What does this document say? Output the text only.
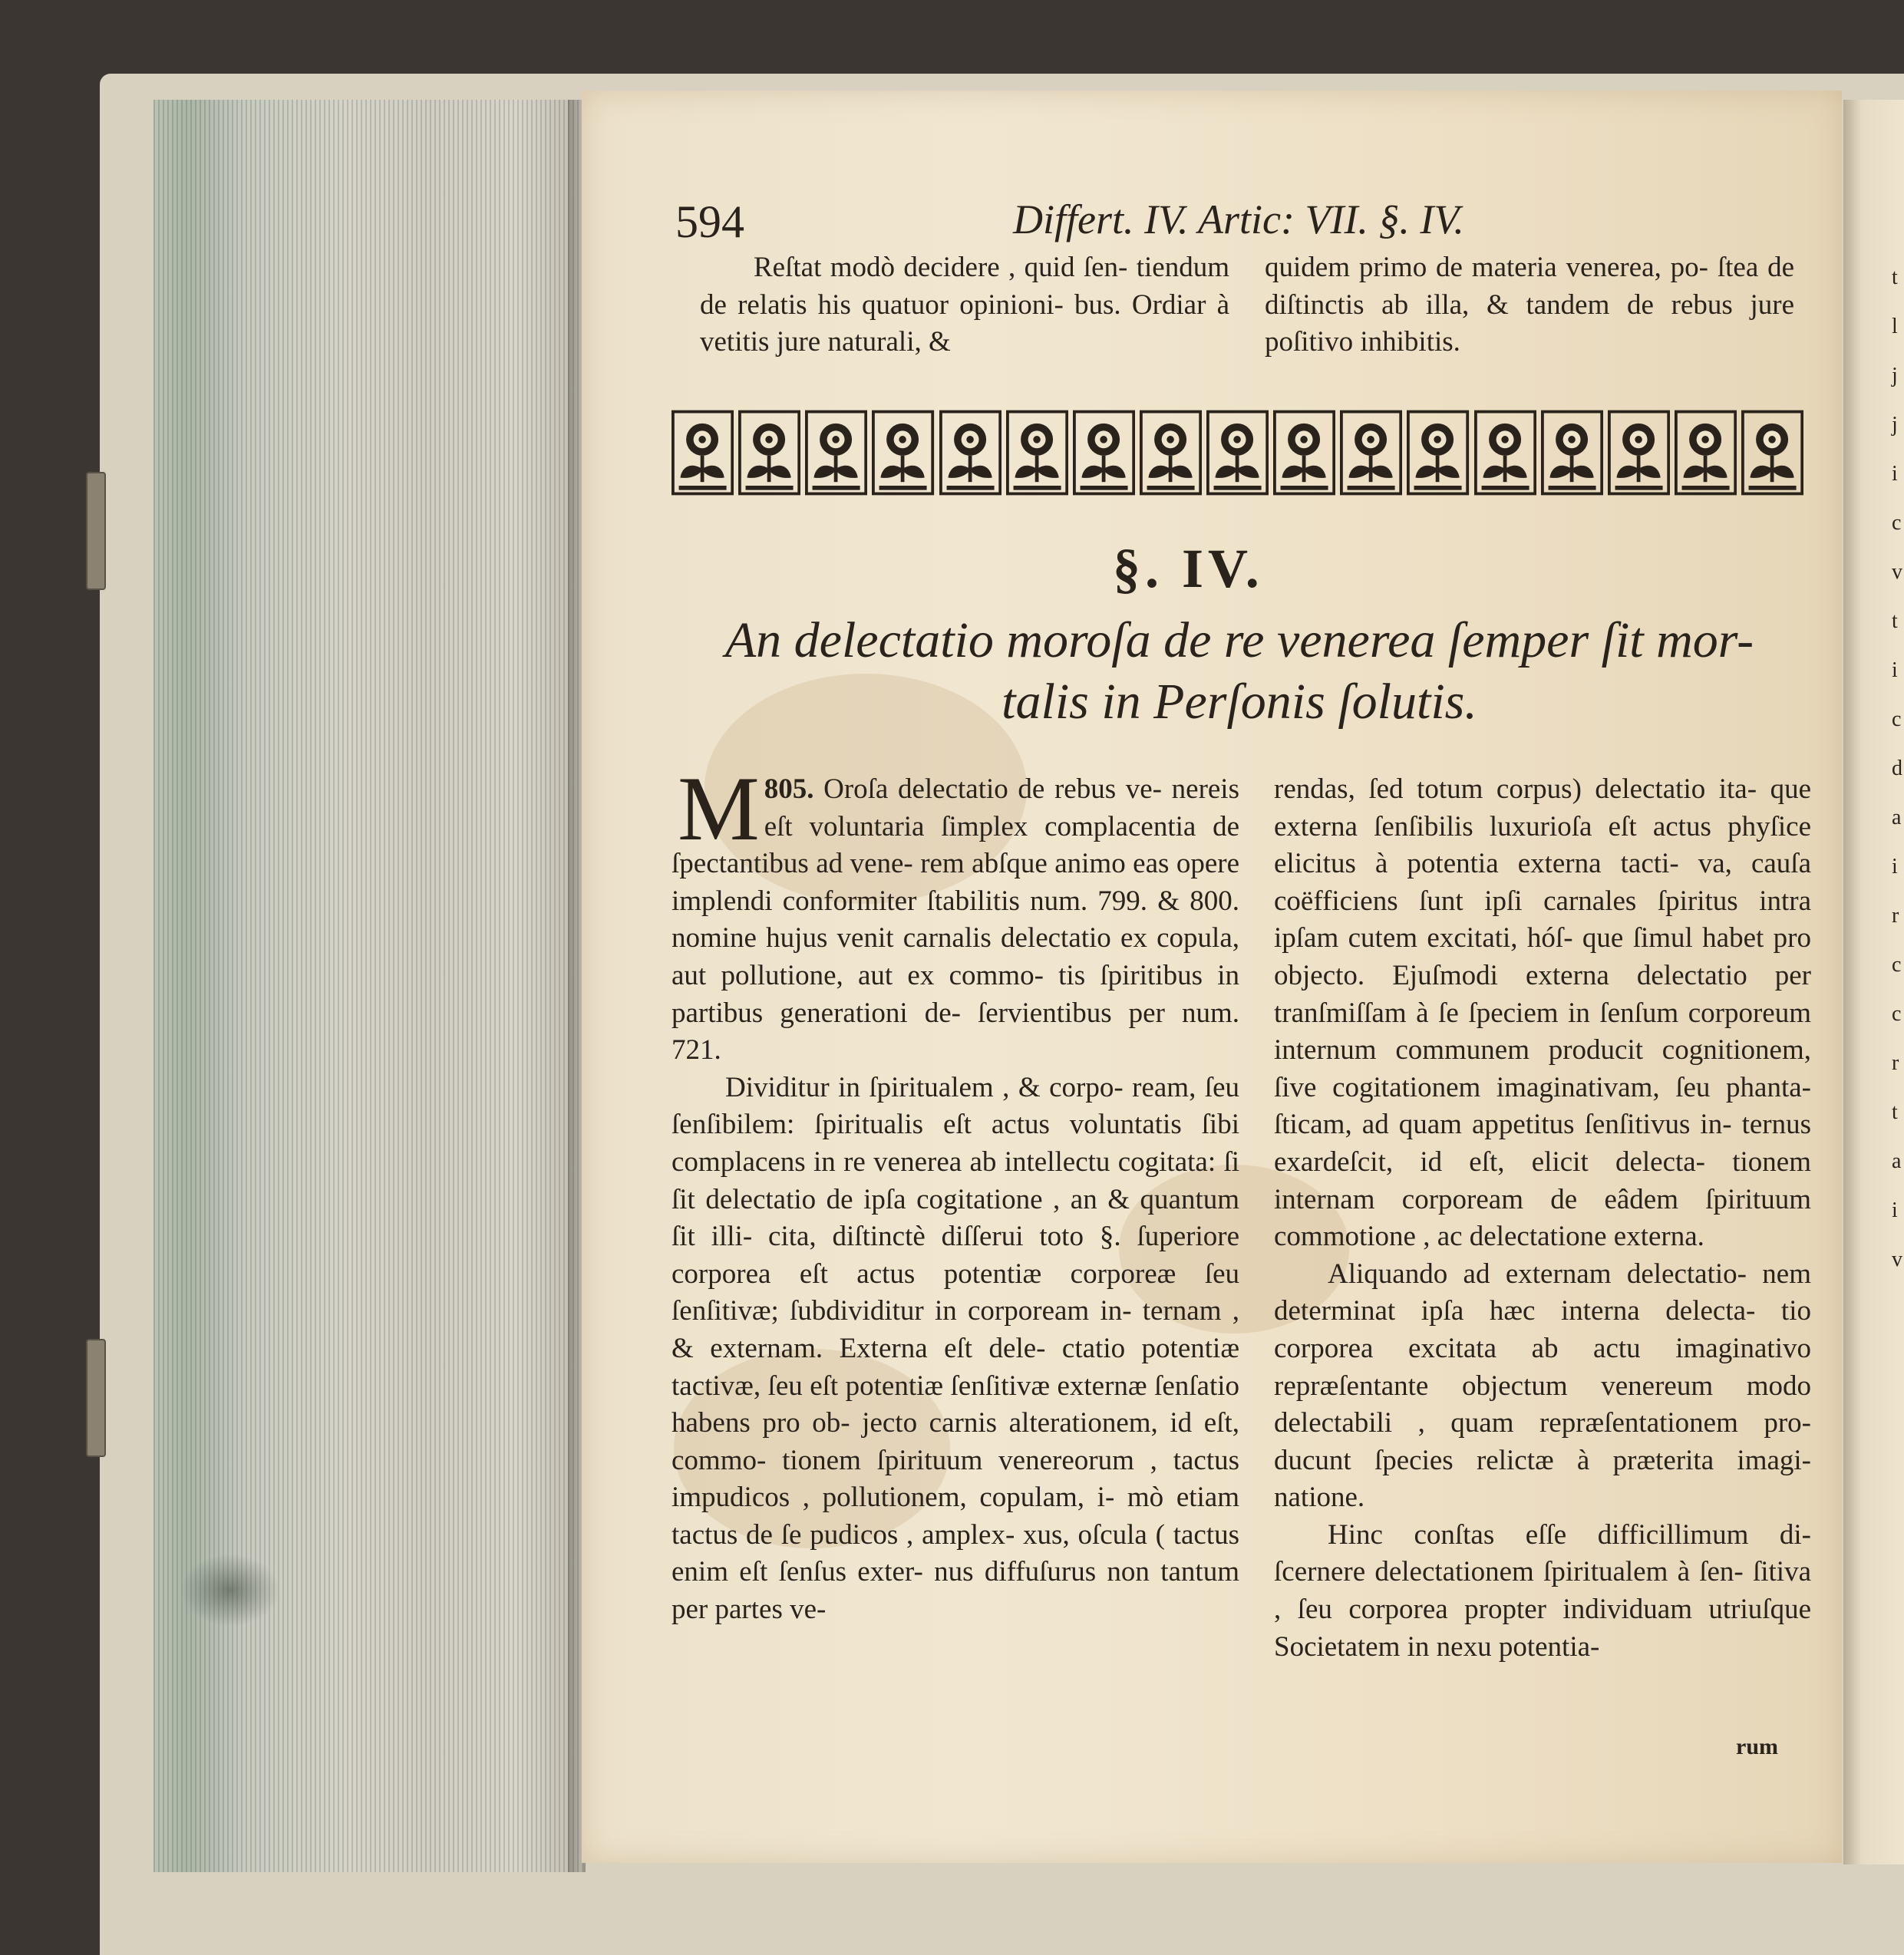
t
l
j
j
i
c
v
t
i
c
d
a
i
r
c
c
r
t
a
i
v
594	Differt. IV. Artic: VII. §. IV.

Reſtat modò decidere , quid ſen- tiendum de relatis his quatuor opinioni- bus. Ordiar à vetitis jure naturali, &

quidem primo de materia venerea, po- ſtea de diſtinctis ab illa, & tandem de rebus jure poſitivo inhibitis.

§. IV.
An delectatio moroſa de re venerea ſemper ſit mor- talis in Perſonis ſolutis.

805.
M Oroſa delectatio de rebus ve- nereis eſt voluntaria ſimplex complacentia de ſpectantibus ad vene- rem abſque animo eas opere implendi conformiter ſtabilitis num. 799. & 800. nomine hujus venit carnalis delectatio ex copula, aut pollutione, aut ex commo- tis ſpiritibus in partibus generationi de- ſervientibus per num. 721.

Dividitur in ſpiritualem , & corpo- ream, ſeu ſenſibilem: ſpiritualis eſt actus voluntatis ſibi complacens in re venerea ab intellectu cogitata: ſi ſit delectatio de ipſa cogitatione , an & quantum ſit illi- cita, diſtinctè diſſerui toto §. ſuperiore corporea eſt actus potentiæ corporeæ ſeu ſenſitivæ; ſubdividitur in corpoream in- ternam , & externam. Externa eſt dele- ctatio potentiæ tactivæ, ſeu eſt potentiæ ſenſitivæ externæ ſenſatio habens pro ob- jecto carnis alterationem, id eſt, commo- tionem ſpirituum venereorum , tactus impudicos , pollutionem, copulam, i- mò etiam tactus de ſe pudicos , amplex- xus, oſcula ( tactus enim eſt ſenſus exter- nus diffuſurus non tantum per partes ve-

rendas, ſed totum corpus) delectatio ita- que externa ſenſibilis luxurioſa eſt actus phyſice elicitus à potentia externa tacti- va, cauſa coëfficiens ſunt ipſi carnales ſpiritus intra ipſam cutem excitati, hóſ- que ſimul habet pro objecto. Ejuſmodi externa delectatio per tranſmiſſam à ſe ſpeciem in ſenſum corporeum internum communem producit cognitionem, ſive cogitationem imaginativam, ſeu phanta- ſticam, ad quam appetitus ſenſitivus in- ternus exardeſcit, id eſt, elicit delecta- tionem internam corpoream de eâdem ſpirituum commotione , ac delectatione externa.

Aliquando ad externam delectatio- nem determinat ipſa hæc interna delecta- tio corporea excitata ab actu imaginativo repræſentante objectum venereum modo delectabili , quam repræſentationem pro- ducunt ſpecies relictæ à præterita imagi- natione.

Hinc conſtas eſſe difficillimum di- ſcernere delectationem ſpiritualem à ſen- ſitiva , ſeu corporea propter individuam utriuſque Societatem in nexu potentia-

rum
